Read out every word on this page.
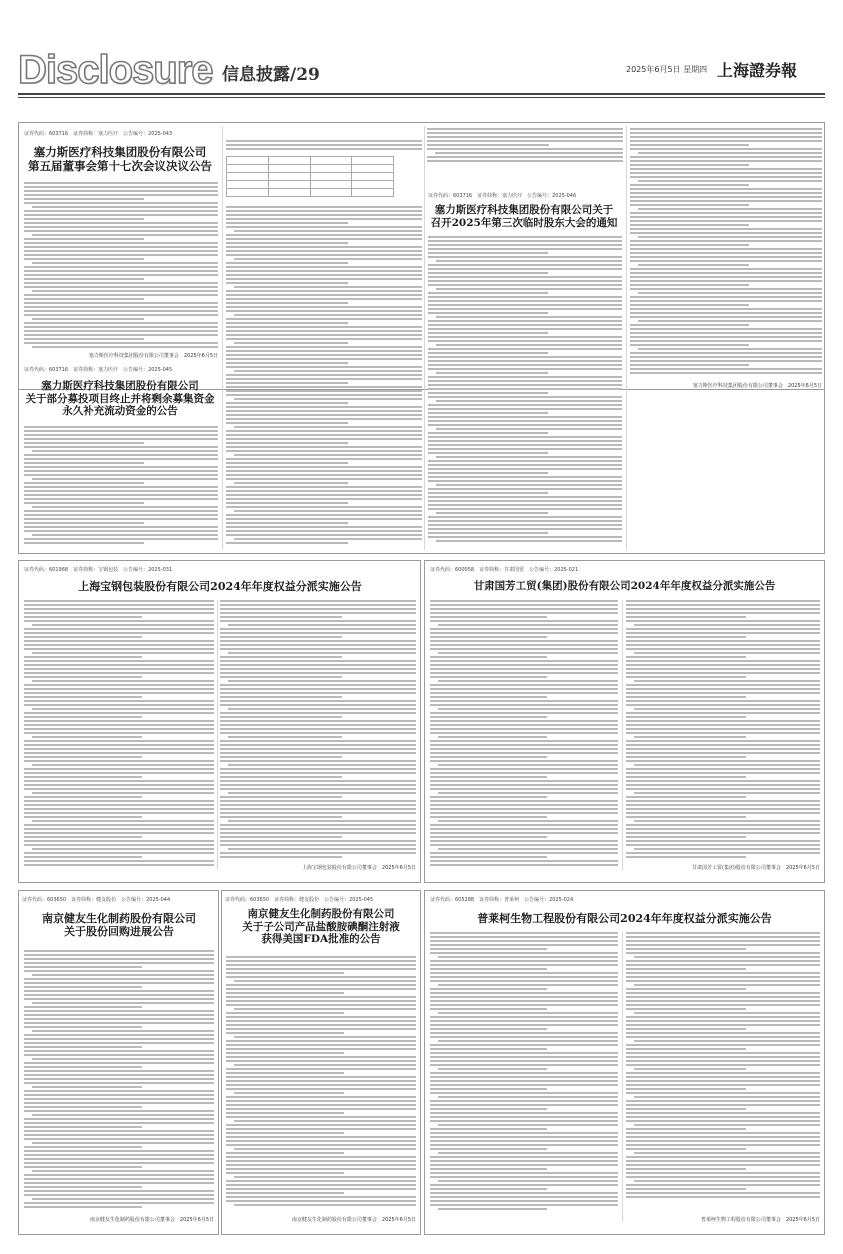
Disclosure 信息披露/29	2025年6月5日 星期四 上海證券報
证券代码：603716　证券简称：塞力医疗　公告编号：2025-043
塞力斯医疗科技集团股份有限公司
第五届董事会第十七次会议决议公告
塞力斯医疗科技集团股份有限公司董事会　2025年6月5日
证券代码：603716　证券简称：塞力医疗　公告编号：2025-045
塞力斯医疗科技集团股份有限公司
关于部分募投项目终止并将剩余募集资金
永久补充流动资金的公告

证券代码：603716　证券简称：塞力医疗　公告编号：2025-046
塞力斯医疗科技集团股份有限公司关于
召开2025年第三次临时股东大会的通知
塞力斯医疗科技集团股份有限公司董事会　2025年6月5日
证券代码：601968　证券简称：宝钢包装　公告编号：2025-031
上海宝钢包装股份有限公司2024年年度权益分派实施公告
上海宝钢包装股份有限公司董事会　2025年6月5日
证券代码：600058　证券简称：甘肃国贸　公告编号：2025-021
甘肃国芳工贸(集团)股份有限公司2024年年度权益分派实施公告
甘肃国芳工贸(集团)股份有限公司董事会　2025年6月5日
证券代码：603650　证券简称：健友股份　公告编号：2025-044
南京健友生化制药股份有限公司
关于股份回购进展公告
南京健友生化制药股份有限公司董事会　2025年6月5日
证券代码：603650　证券简称：健友股份　公告编号：2025-045
南京健友生化制药股份有限公司
关于子公司产品盐酸胺碘酮注射液
获得美国FDA批准的公告
南京健友生化制药股份有限公司董事会　2025年6月5日
证券代码：605288　证券简称：普莱柯　公告编号：2025-024
普莱柯生物工程股份有限公司2024年年度权益分派实施公告
普莱柯生物工程股份有限公司董事会　2025年6月5日
